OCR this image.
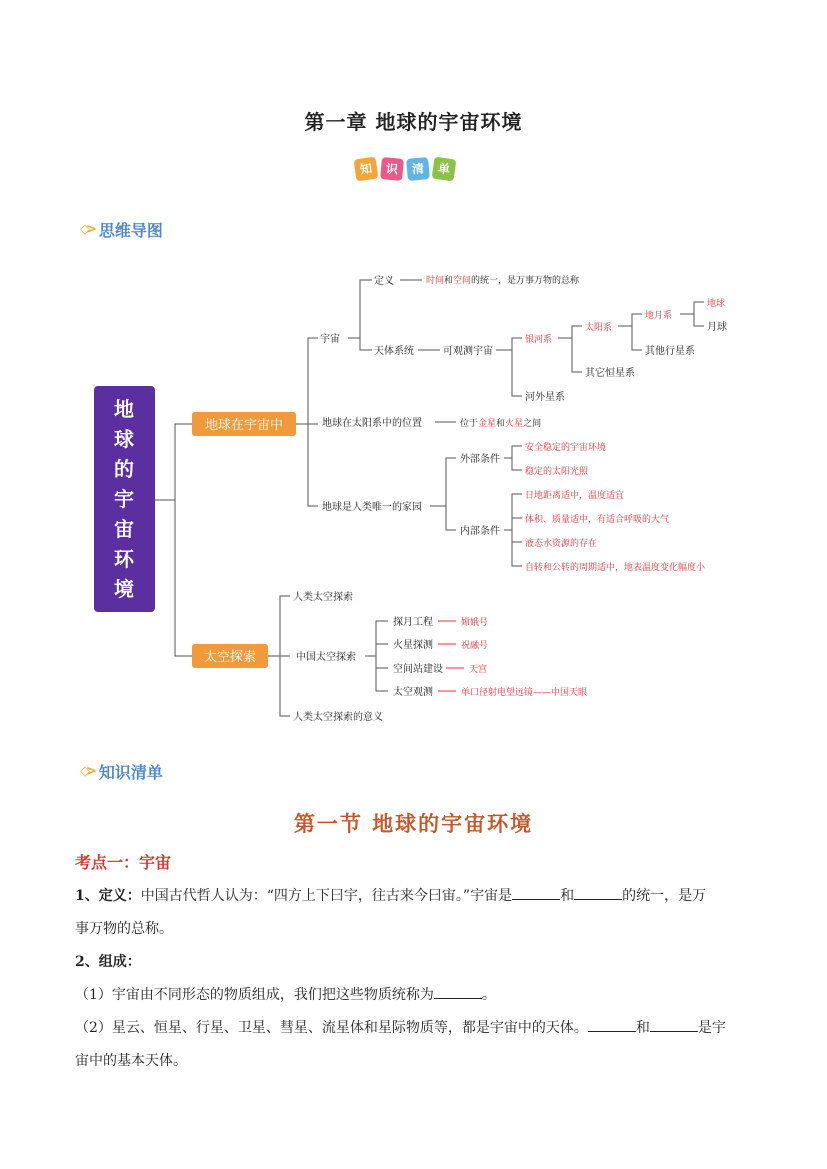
第一章 地球的宇宙环境
知	识	清	单
◇> 思维导图
地
球
的
宇
宙
环
境
地球在宇宙中
太空探索
宇宙
定义
天体系统	可观测宇宙
河外星系
其它恒星系
其他行星系
月球
地球在太阳系中的位置
地球是人类唯一的家园
外部条件
内部条件
人类太空探索
中国太空探索
人类太空探索的意义
探月工程
火星探测
空间站建设
太空观测
时间和空间的统一，是万事万物的总称
银河系
太阳系
地月系
地球
位于金星和火星之间
安全稳定的宇宙环境
稳定的太阳光照
日地距离适中，温度适宜
体积、质量适中，有适合呼吸的大气
液态水资源的存在
自转和公转的周期适中，地表温度变化幅度小
嫦娥号
祝融号
天宫
单口径射电望远镜——中国天眼
◇> 知识清单
第一节 地球的宇宙环境
考点一：宇宙
1、定义：中国古代哲人认为：“四方上下曰宇，往古来今曰宙。”宇宙是	和	的统一，是万
事万物的总称。
2、组成：
（1）宇宙由不同形态的物质组成，我们把这些物质统称为	。
（2）星云、恒星、行星、卫星、彗星、流星体和星际物质等，都是宇宙中的天体。	和	是宇
宙中的基本天体。
